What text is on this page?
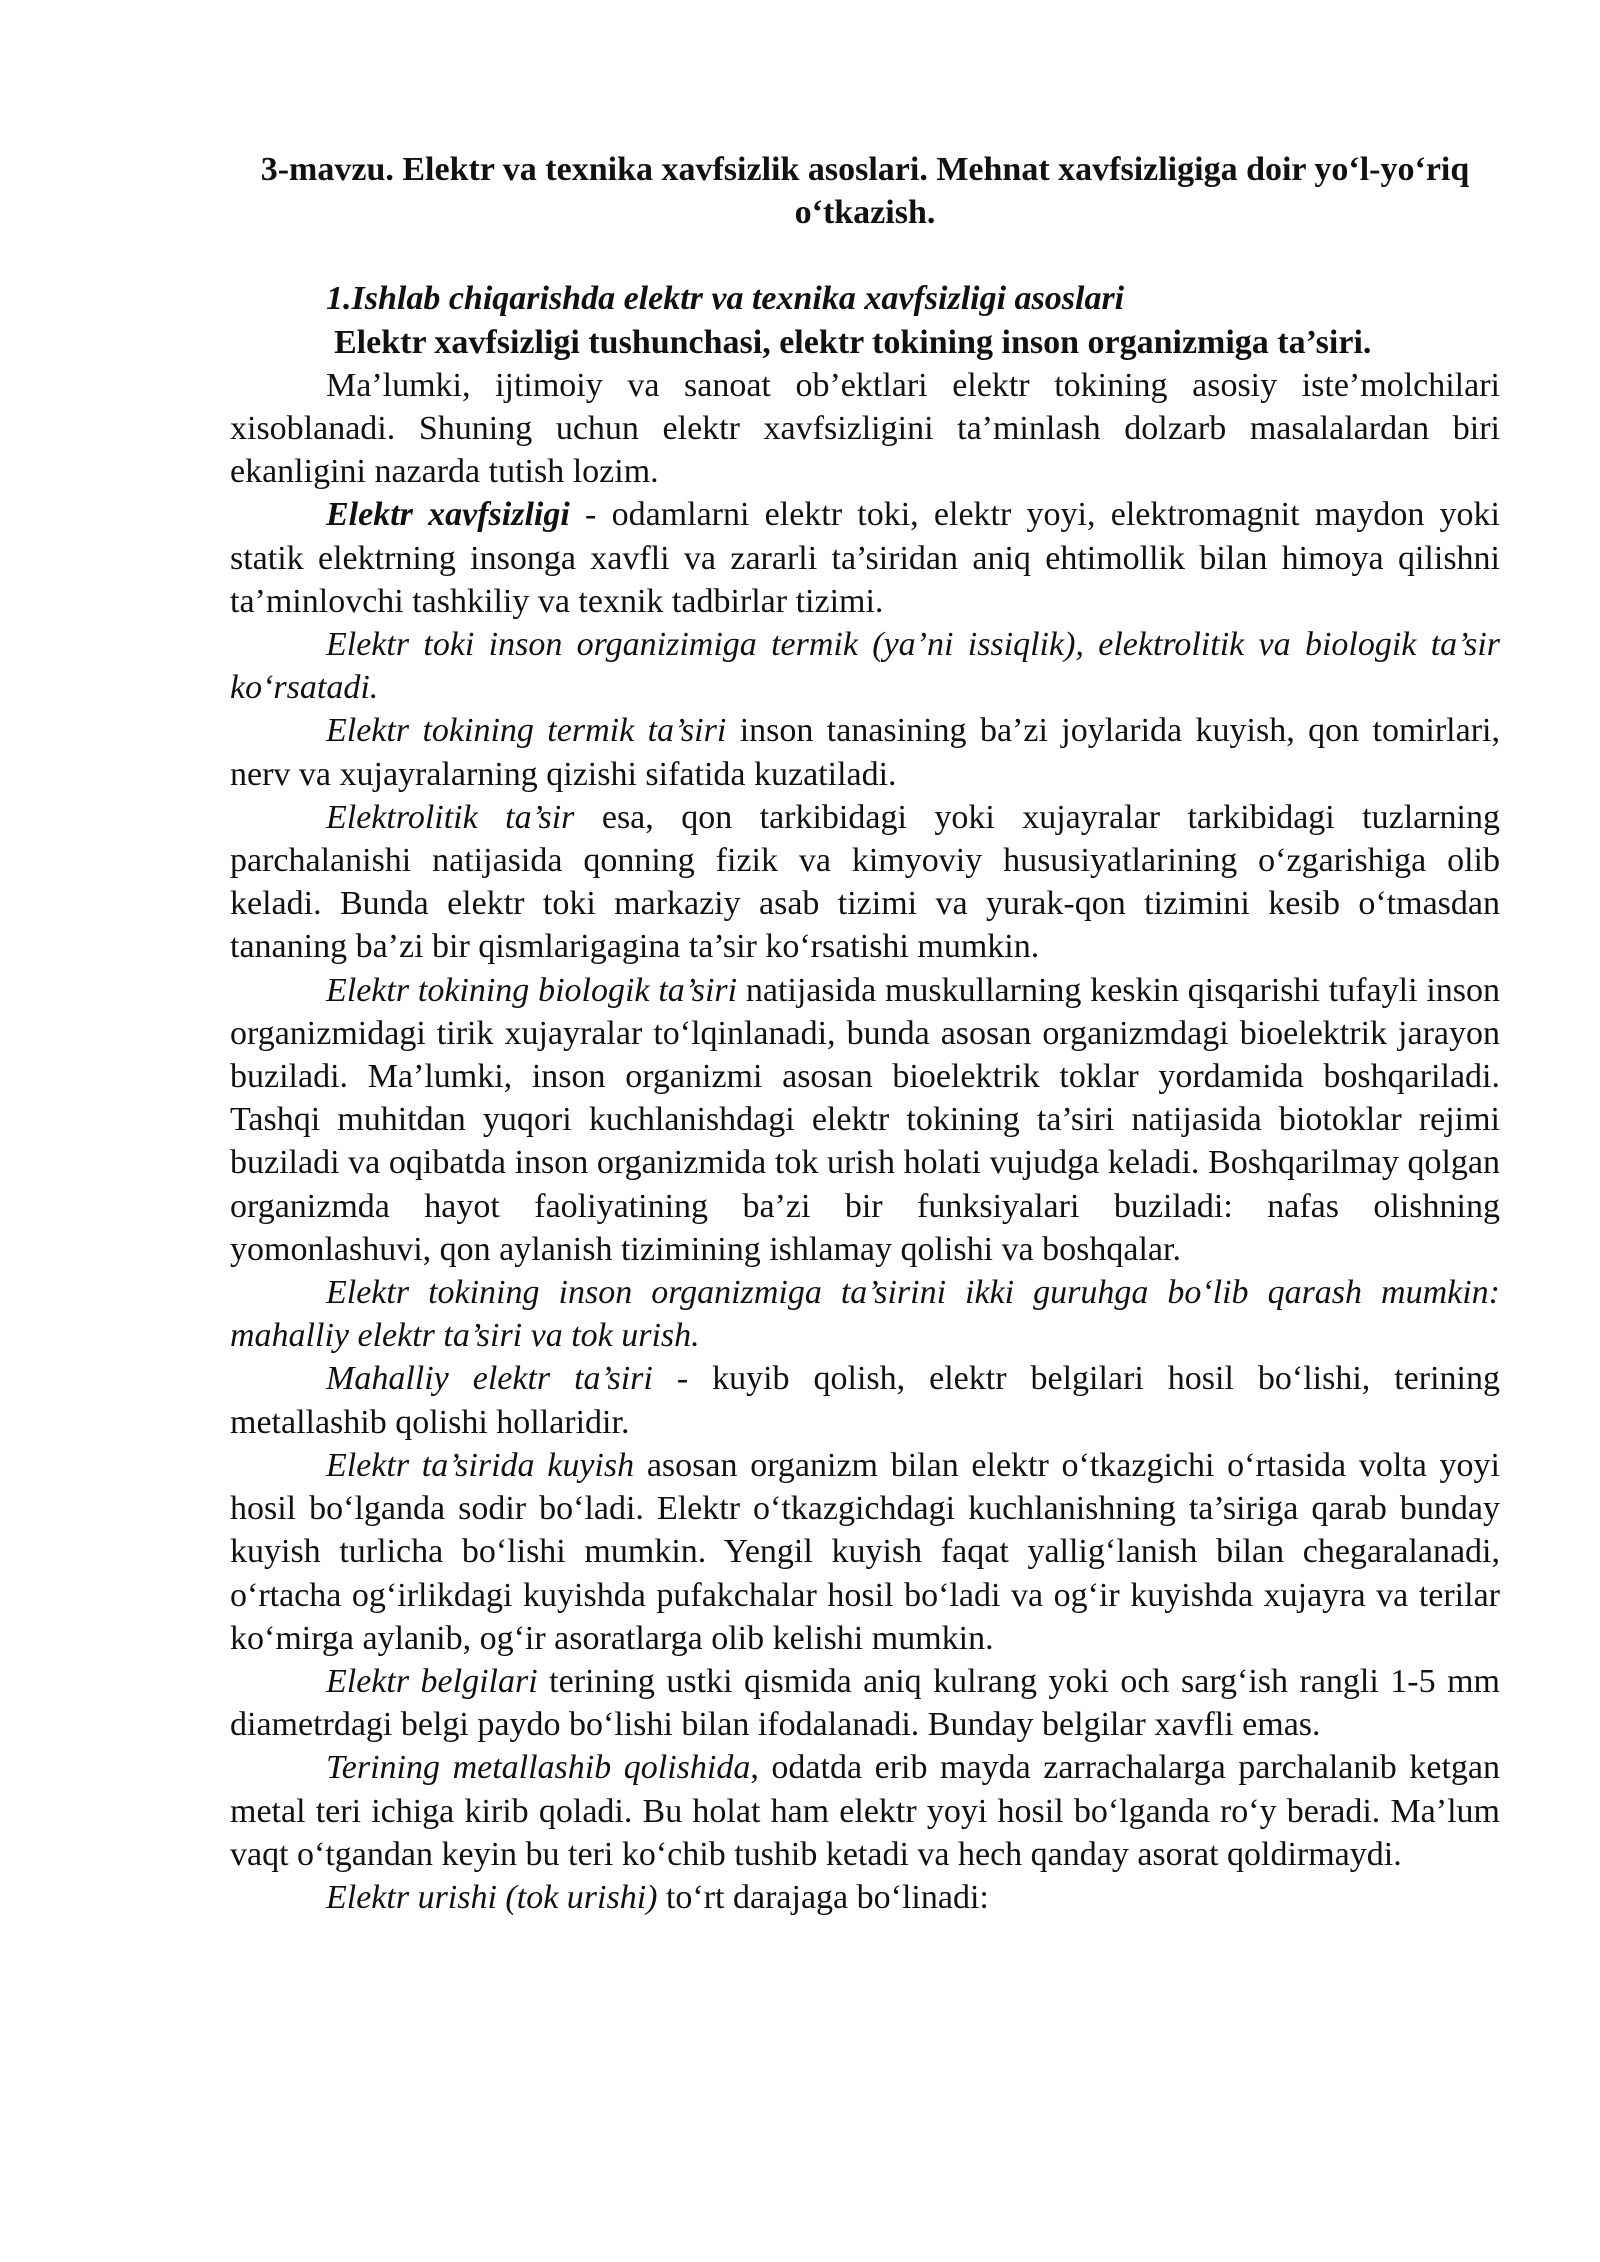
3-mavzu. Elektr va texnika xavfsizlik asoslari. Mehnat xavfsizligiga doir yo‘l-yo‘riq o‘tkazish.

1.Ishlab chiqarishda elektr va texnika xavfsizligi asoslari

Elektr xavfsizligi tushunchasi, elektr tokining inson organizmiga ta’siri.

Ma’lumki, ijtimoiy va sanoat ob’ektlari elektr tokining asosiy iste’molchilari xisoblanadi. Shuning uchun elektr xavfsizligini ta’minlash dolzarb masalalardan biri ekanligini nazarda tutish lozim.

Elektr xavfsizligi - odamlarni elektr toki, elektr yoyi, elektromagnit maydon yoki statik elektrning insonga xavfli va zararli ta’siridan aniq ehtimollik bilan himoya qilishni ta’minlovchi tashkiliy va texnik tadbirlar tizimi.

Elektr toki inson organizimiga termik (ya’ni issiqlik), elektrolitik va biologik ta’sir ko‘rsatadi.

Elektr tokining termik ta’siri inson tanasining ba’zi joylarida kuyish, qon tomirlari, nerv va xujayralarning qizishi sifatida kuzatiladi.

Elektrolitik ta’sir esa, qon tarkibidagi yoki xujayralar tarkibidagi tuzlarning parchalanishi natijasida qonning fizik va kimyoviy hususiyatlarining o‘zgarishiga olib keladi. Bunda elektr toki markaziy asab tizimi va yurak-qon tizimini kesib o‘tmasdan tananing ba’zi bir qismlarigagina ta’sir ko‘rsatishi mumkin.

Elektr tokining biologik ta’siri natijasida muskullarning keskin qisqarishi tufayli inson organizmidagi tirik xujayralar to‘lqinlanadi, bunda asosan organizmdagi bioelektrik jarayon buziladi. Ma’lumki, inson organizmi asosan bioelektrik toklar yordamida boshqariladi. Tashqi muhitdan yuqori kuchlanishdagi elektr tokining ta’siri natijasida biotoklar rejimi buziladi va oqibatda inson organizmida tok urish holati vujudga keladi. Boshqarilmay qolgan organizmda hayot faoliyatining ba’zi bir funksiyalari buziladi: nafas olishning yomonlashuvi, qon aylanish tizimining ishlamay qolishi va boshqalar.

Elektr tokining inson organizmiga ta’sirini ikki guruhga bo‘lib qarash mumkin: mahalliy elektr ta’siri va tok urish.

Mahalliy elektr ta’siri - kuyib qolish, elektr belgilari hosil bo‘lishi, terining metallashib qolishi hollaridir.

Elektr ta’sirida kuyish asosan organizm bilan elektr o‘tkazgichi o‘rtasida volta yoyi hosil bo‘lganda sodir bo‘ladi. Elektr o‘tkazgichdagi kuchlanishning ta’siriga qarab bunday kuyish turlicha bo‘lishi mumkin. Yengil kuyish faqat yallig‘lanish bilan chegaralanadi, o‘rtacha og‘irlikdagi kuyishda pufakchalar hosil bo‘ladi va og‘ir kuyishda xujayra va terilar ko‘mirga aylanib, og‘ir asoratlarga olib kelishi mumkin.

Elektr belgilari terining ustki qismida aniq kulrang yoki och sarg‘ish rangli 1-5 mm diametrdagi belgi paydo bo‘lishi bilan ifodalanadi. Bunday belgilar xavfli emas.

Terining metallashib qolishida, odatda erib mayda zarrachalarga parchalanib ketgan metal teri ichiga kirib qoladi. Bu holat ham elektr yoyi hosil bo‘lganda ro‘y beradi. Ma’lum vaqt o‘tgandan keyin bu teri ko‘chib tushib ketadi va hech qanday asorat qoldirmaydi.

Elektr urishi (tok urishi) to‘rt darajaga bo‘linadi:
